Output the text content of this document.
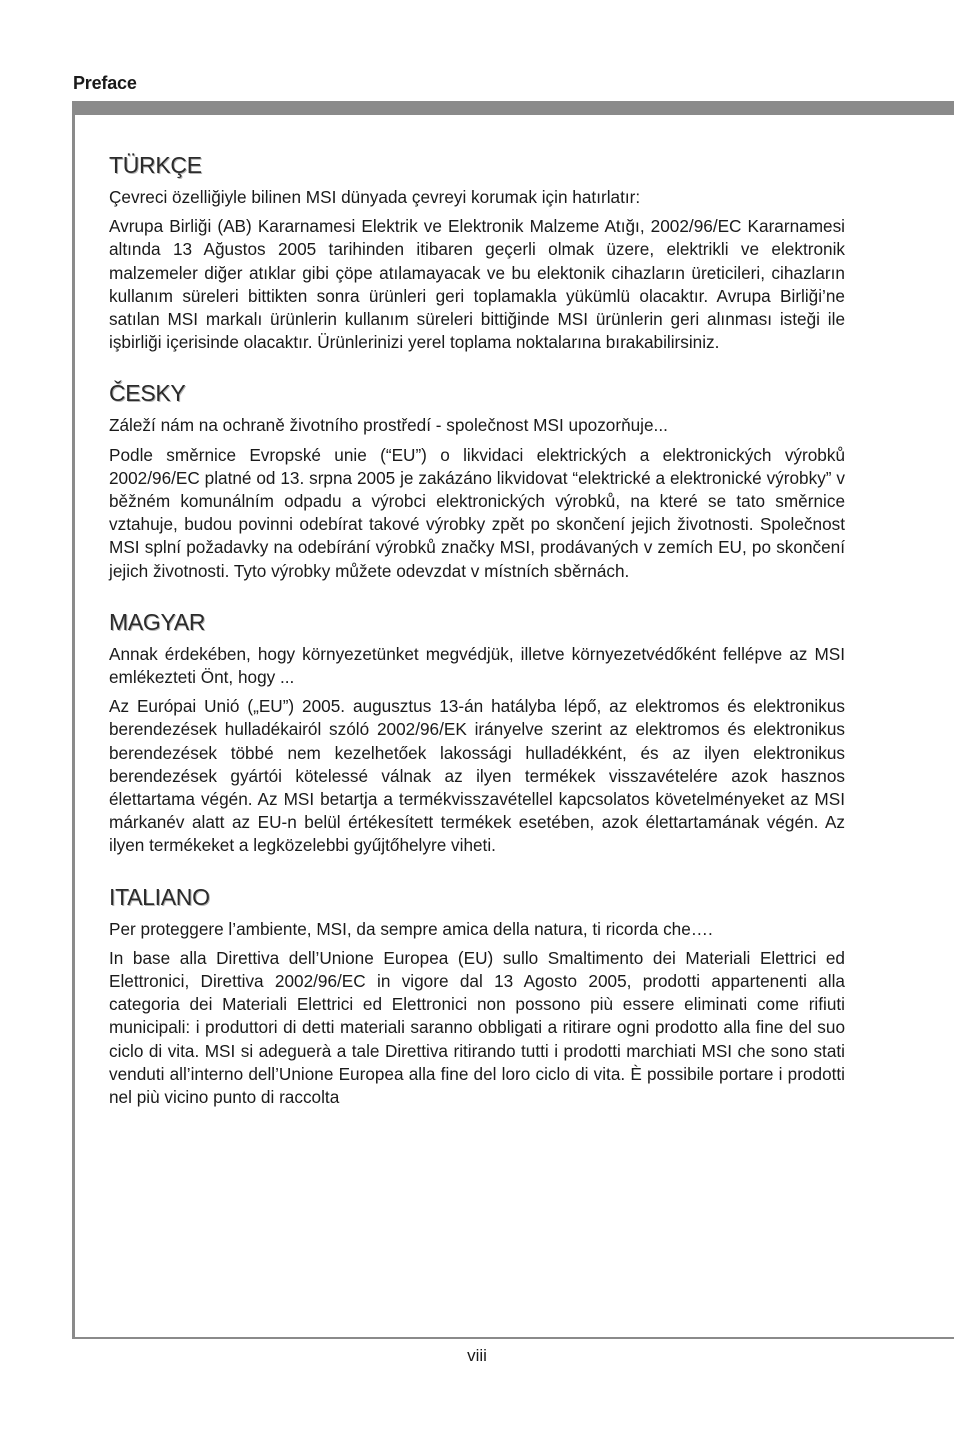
Preface
TÜRKÇE

Çevreci özelliğiyle bilinen MSI dünyada çevreyi korumak için hatırlatır:

Avrupa Birliği (AB) Kararnamesi Elektrik ve Elektronik Malzeme Atığı, 2002/96/EC Kararnamesi altında 13 Ağustos 2005 tarihinden itibaren geçerli olmak üzere, elektrikli ve elektronik malzemeler diğer atıklar gibi çöpe atılamayacak ve bu elektonik cihazların üreticileri, cihazların kullanım süreleri bittikten sonra ürünleri geri toplamakla yükümlü olacaktır. Avrupa Birliği’ne satılan MSI markalı ürünlerin kullanım süreleri bittiğinde MSI ürünlerin geri alınması isteği ile işbirliği içerisinde olacaktır. Ürünlerinizi yerel toplama noktalarına bırakabilirsiniz.

ČESKY

Záleží nám na ochraně životního prostředí - společnost MSI upozorňuje...

Podle směrnice Evropské unie (“EU”) o likvidaci elektrických a elektronických výrobků 2002/96/EC platné od 13. srpna 2005 je zakázáno likvidovat “elektrické a elektronické výrobky” v běžném komunálním odpadu a výrobci elektronických výrobků, na které se tato směrnice vztahuje, budou povinni odebírat takové výrobky zpět po skončení jejich životnosti. Společnost MSI splní požadavky na odebírání výrobků značky MSI, prodávaných v zemích EU, po skončení jejich životnosti. Tyto výrobky můžete odevzdat v místních sběrnách.

MAGYAR

Annak érdekében, hogy környezetünket megvédjük, illetve környezetvédőként fellépve az MSI emlékezteti Önt, hogy ...

Az Európai Unió („EU”) 2005. augusztus 13-án hatályba lépő, az elektromos és elektronikus berendezések hulladékairól szóló 2002/96/EK irányelve szerint az elektromos és elektronikus berendezések többé nem kezelhetőek lakossági hulladékként, és az ilyen elektronikus berendezések gyártói kötelessé válnak az ilyen termékek visszavételére azok hasznos élettartama végén. Az MSI betartja a termékvisszavétellel kapcsolatos követelményeket az MSI márkanév alatt az EU-n belül értékesített termékek esetében, azok élettartamának végén. Az ilyen termékeket a legközelebbi gyűjtőhelyre viheti.

ITALIANO

Per proteggere l’ambiente, MSI, da sempre amica della natura, ti ricorda che….

In base alla Direttiva dell’Unione Europea (EU) sullo Smaltimento dei Materiali Elettrici ed Elettronici, Direttiva 2002/96/EC in vigore dal 13 Agosto 2005, prodotti appartenenti alla categoria dei Materiali Elettrici ed Elettronici non possono più essere eliminati come rifiuti municipali: i produttori di detti materiali saranno obbligati a ritirare ogni prodotto alla fine del suo ciclo di vita. MSI si adeguerà a tale Direttiva ritirando tutti i prodotti marchiati MSI che sono stati venduti all’interno dell’Unione Europea alla fine del loro ciclo di vita. È possibile portare i prodotti nel più vicino punto di raccolta

viii
